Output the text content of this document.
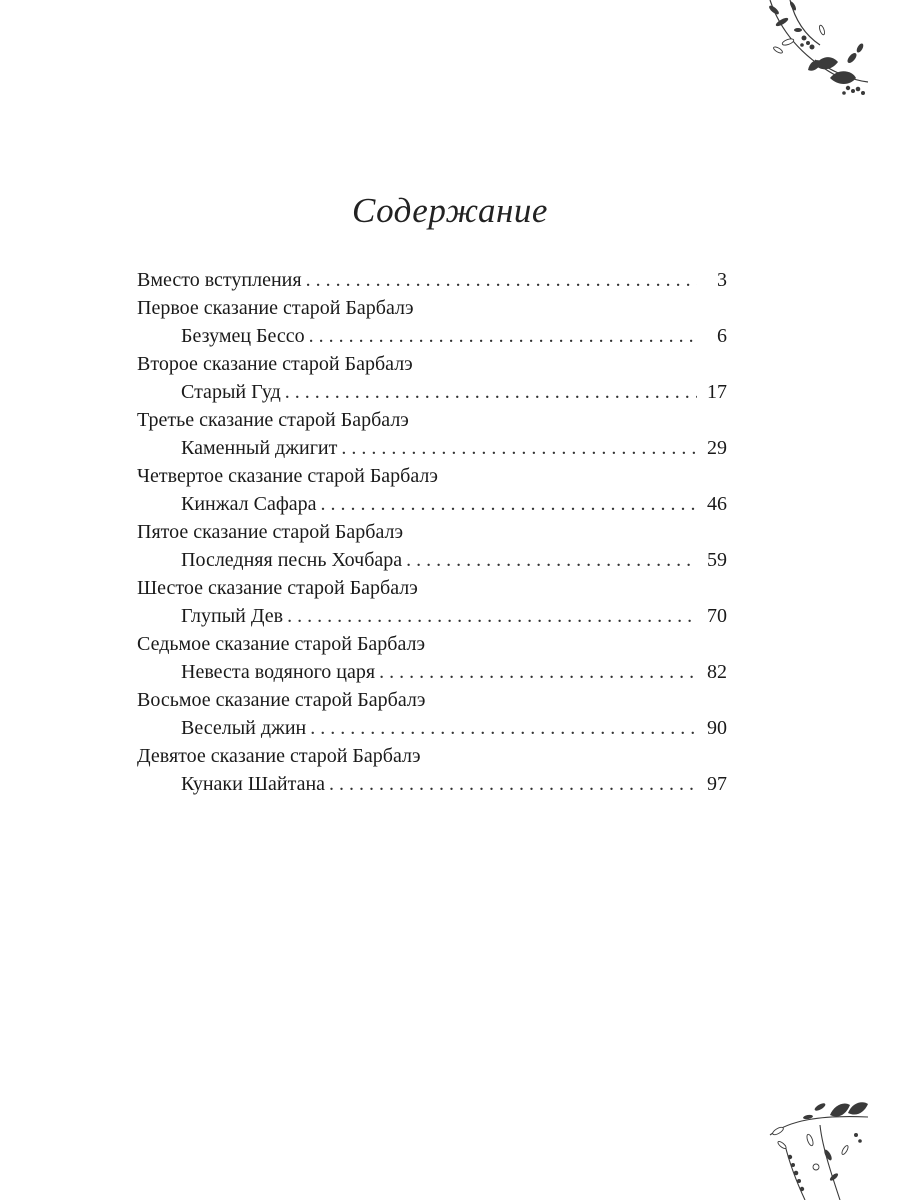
Содержание
Вместо вступления . . .	3
Первое сказание старой Барбалэ
Безумец Бессо . . .	6
Второе сказание старой Барбалэ
Старый Гуд . . .	17
Третье сказание старой Барбалэ
Каменный джигит . . .	29
Четвертое сказание старой Барбалэ
Кинжал Сафара . . .	46
Пятое сказание старой Барбалэ
Последняя песнь Хочбара . . .	59
Шестое сказание старой Барбалэ
Глупый Дев . . .	70
Седьмое сказание старой Барбалэ
Невеста водяного царя . . .	82
Восьмое сказание старой Барбалэ
Веселый джин . . .	90
Девятое сказание старой Барбалэ
Кунаки Шайтана . . .	97
